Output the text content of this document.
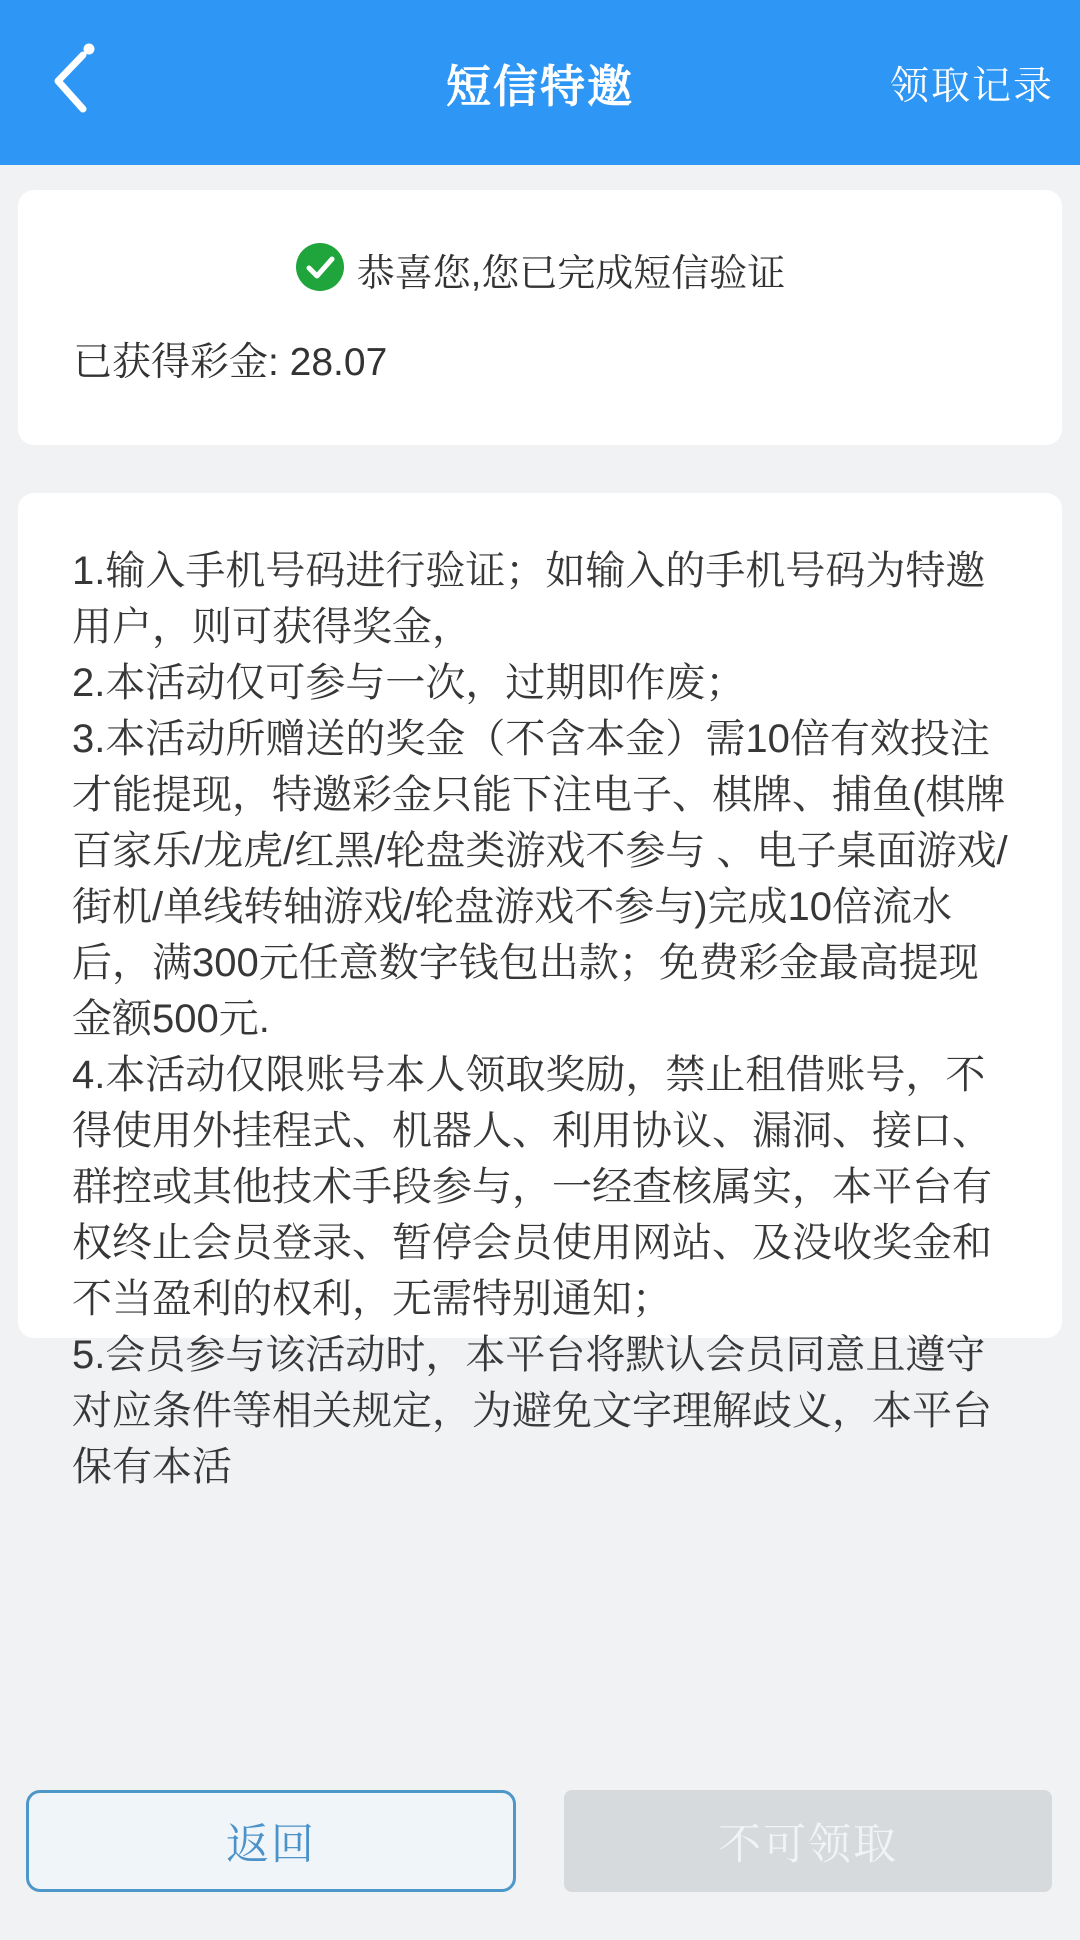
短信特邀	领取记录
恭喜您,您已完成短信验证
已获得彩金: 28.07

1.输入手机号码进行验证；如输入的手机号码为特邀用户，则可获得奖金，

2.本活动仅可参与一次，过期即作废；

3.本活动所赠送的奖金（不含本金）需10倍有效投注才能提现，特邀彩金只能下注电子、棋牌、捕鱼(棋牌百家乐/龙虎/红黑/轮盘类游戏不参与 、电子桌面游戏/街机/单线转轴游戏/轮盘游戏不参与)完成10倍流水后，满300元任意数字钱包出款；免费彩金最高提现金额500元.

4.本活动仅限账号本人领取奖励，禁止租借账号，不得使用外挂程式、机器人、利用协议、漏洞、接口、群控或其他技术手段参与，一经查核属实，本平台有权终止会员登录、暂停会员使用网站、及没收奖金和不当盈利的权利，无需特别通知；

5.会员参与该活动时，本平台将默认会员同意且遵守对应条件等相关规定，为避免文字理解歧义，本平台保有本活

返回	不可领取
